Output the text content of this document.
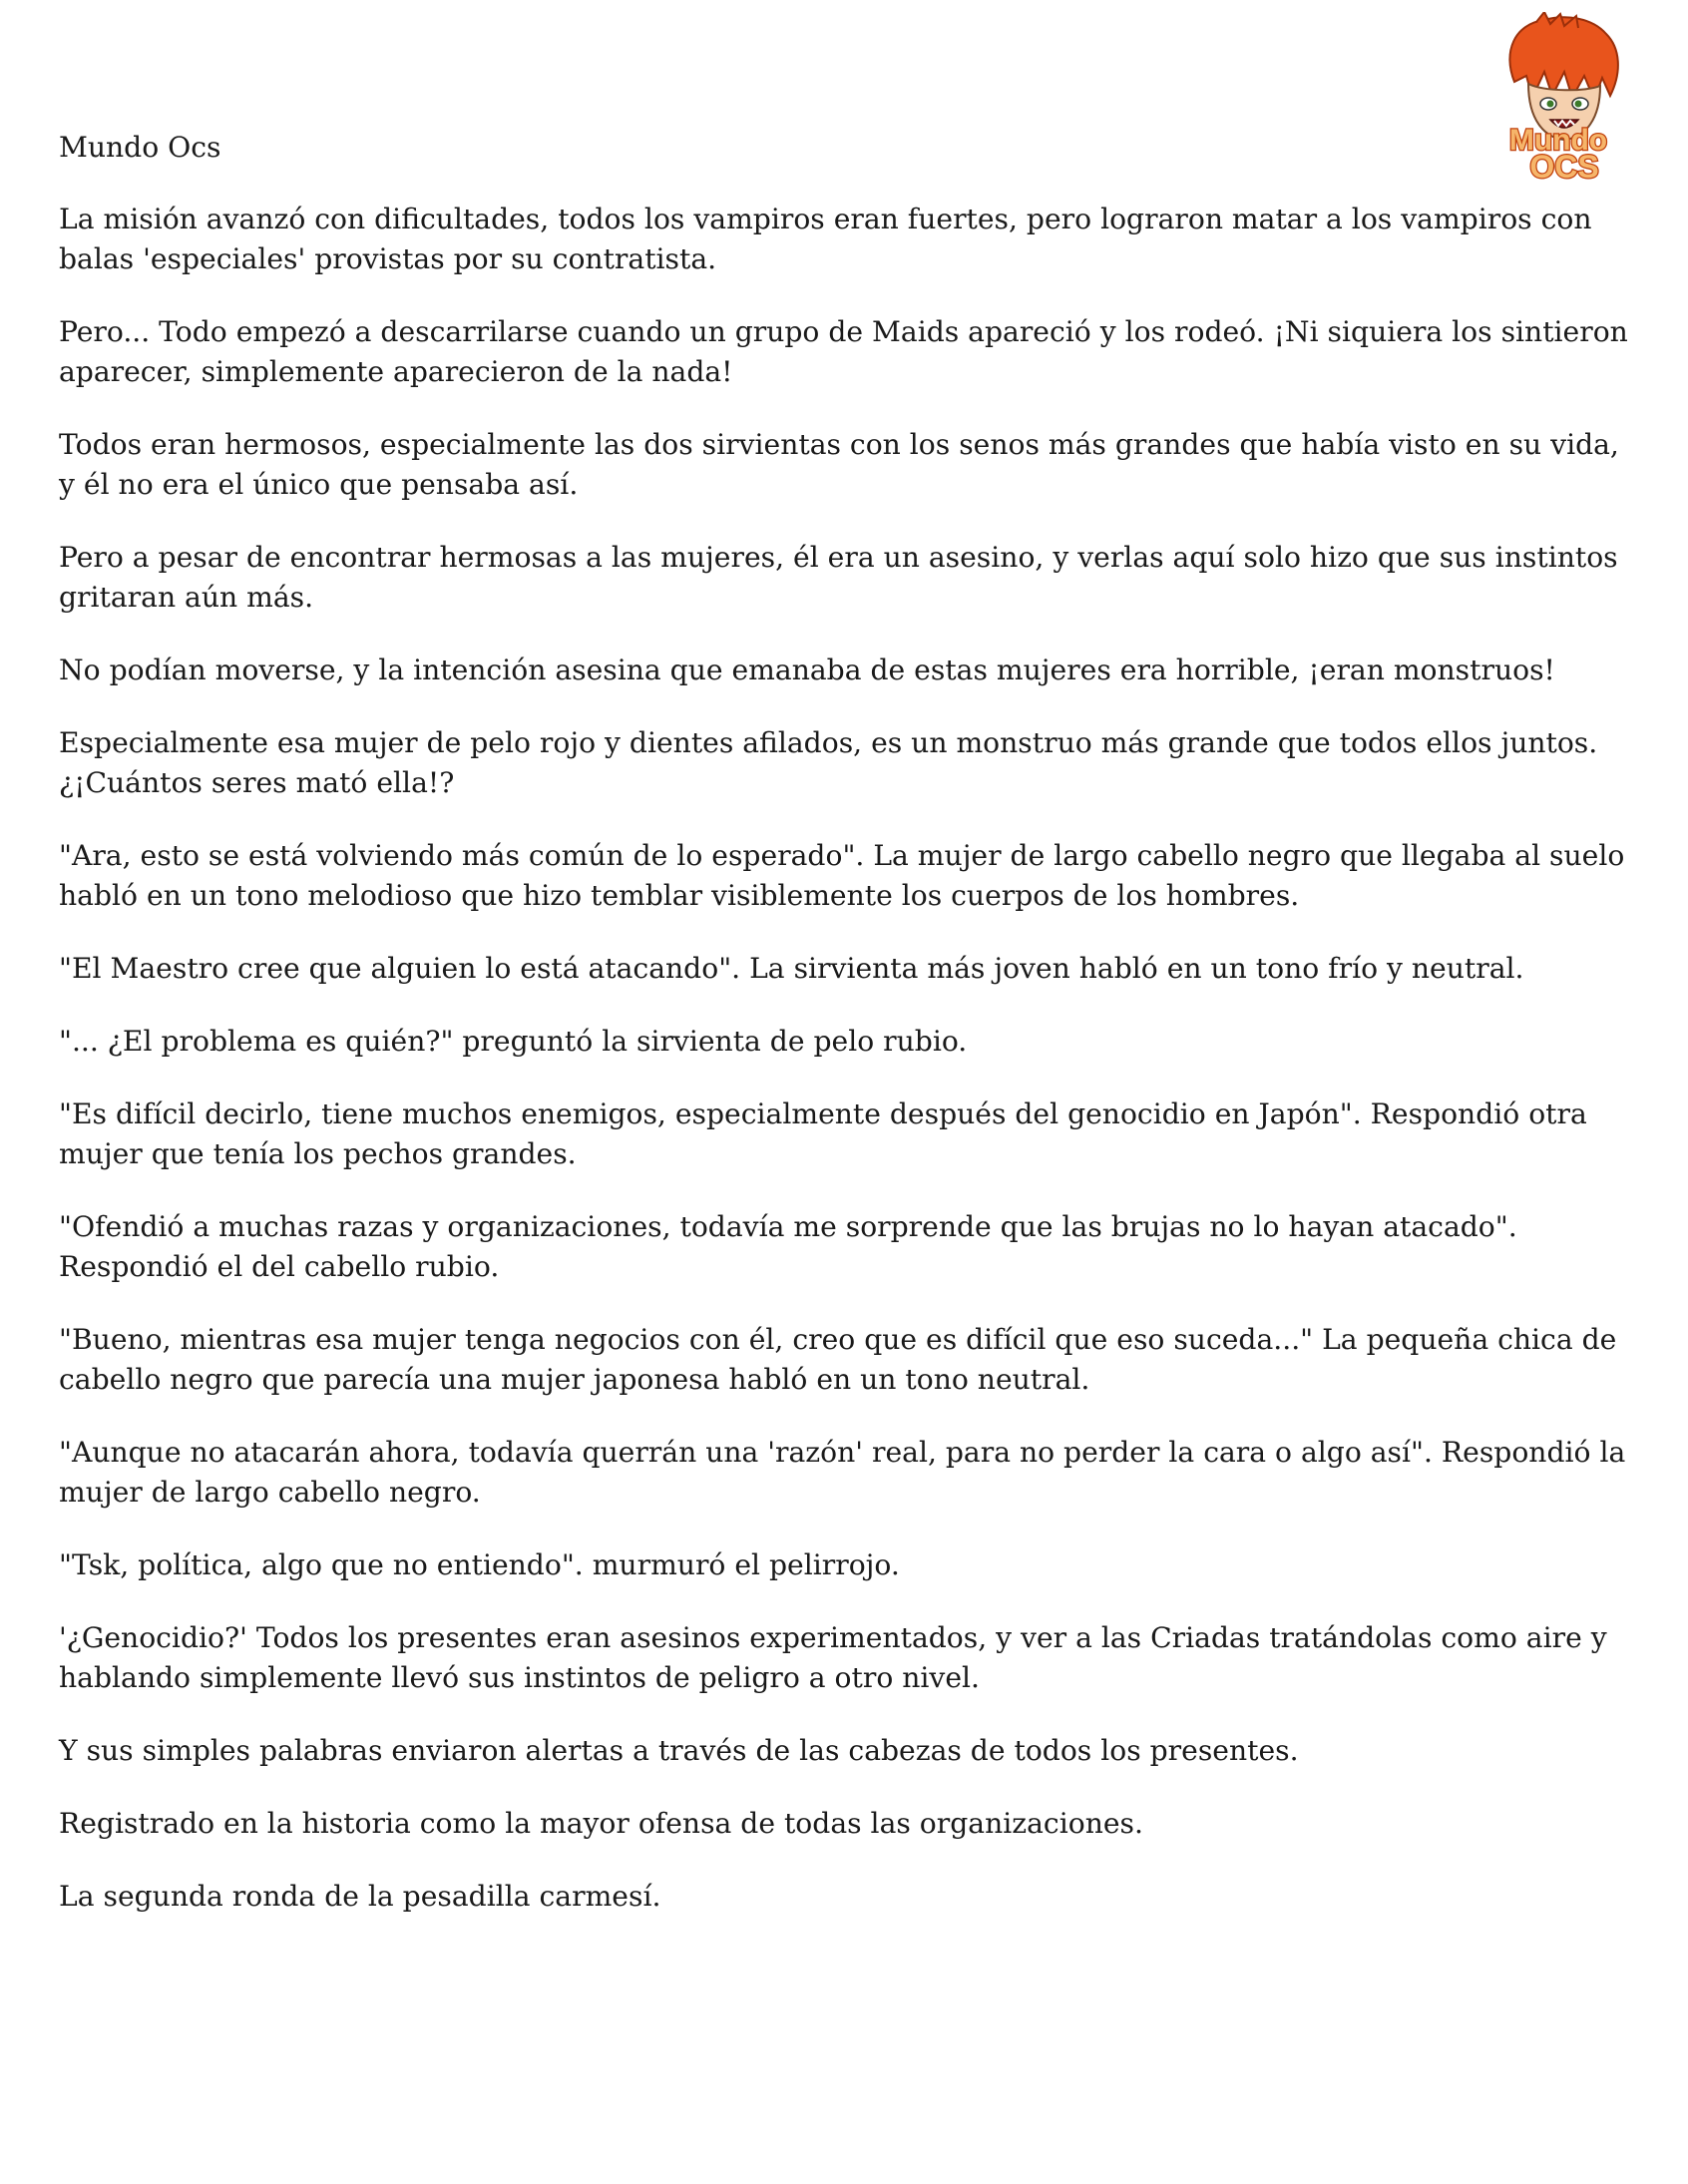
Mundo
OCS

Mundo Ocs

La misión avanzó con dificultades, todos los vampiros eran fuertes, pero lograron matar a los vampiros con balas 'especiales' provistas por su contratista.

Pero... Todo empezó a descarrilarse cuando un grupo de Maids apareció y los rodeó. ¡Ni siquiera los sintieron aparecer, simplemente aparecieron de la nada!

Todos eran hermosos, especialmente las dos sirvientas con los senos más grandes que había visto en su vida, y él no era el único que pensaba así.

Pero a pesar de encontrar hermosas a las mujeres, él era un asesino, y verlas aquí solo hizo que sus instintos gritaran aún más.

No podían moverse, y la intención asesina que emanaba de estas mujeres era horrible, ¡eran monstruos!

Especialmente esa mujer de pelo rojo y dientes afilados, es un monstruo más grande que todos ellos juntos. ¿¡Cuántos seres mató ella!?

"Ara, esto se está volviendo más común de lo esperado". La mujer de largo cabello negro que llegaba al suelo habló en un tono melodioso que hizo temblar visiblemente los cuerpos de los hombres.

"El Maestro cree que alguien lo está atacando". La sirvienta más joven habló en un tono frío y neutral.

"... ¿El problema es quién?" preguntó la sirvienta de pelo rubio.

"Es difícil decirlo, tiene muchos enemigos, especialmente después del genocidio en Japón". Respondió otra mujer que tenía los pechos grandes.

"Ofendió a muchas razas y organizaciones, todavía me sorprende que las brujas no lo hayan atacado". Respondió el del cabello rubio.

"Bueno, mientras esa mujer tenga negocios con él, creo que es difícil que eso suceda..." La pequeña chica de cabello negro que parecía una mujer japonesa habló en un tono neutral.

"Aunque no atacarán ahora, todavía querrán una 'razón' real, para no perder la cara o algo así". Respondió la mujer de largo cabello negro.

"Tsk, política, algo que no entiendo". murmuró el pelirrojo.

'¿Genocidio?' Todos los presentes eran asesinos experimentados, y ver a las Criadas tratándolas como aire y hablando simplemente llevó sus instintos de peligro a otro nivel.

Y sus simples palabras enviaron alertas a través de las cabezas de todos los presentes.

Registrado en la historia como la mayor ofensa de todas las organizaciones.

La segunda ronda de la pesadilla carmesí.
